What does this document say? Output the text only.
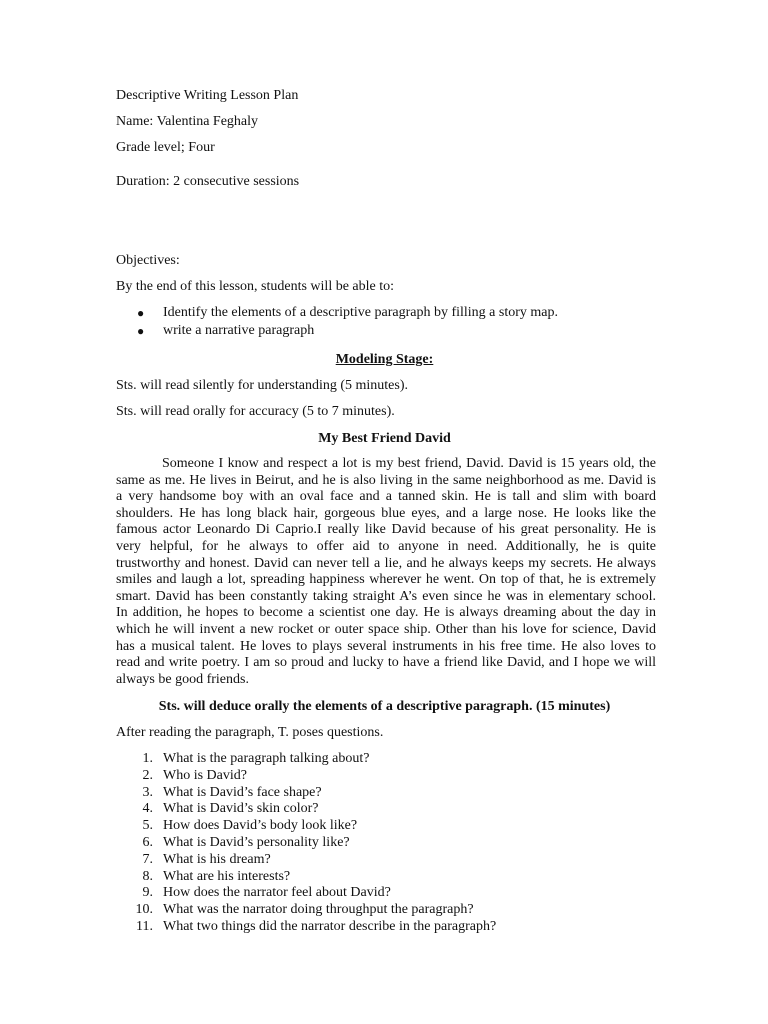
Descriptive Writing Lesson Plan
Name: Valentina Feghaly
Grade level; Four
Duration: 2 consecutive sessions
Objectives:
By the end of this lesson, students will be able to:
● Identify the elements of a descriptive paragraph by filling a story map.
● write a narrative paragraph
Modeling Stage:
Sts. will read silently for understanding (5 minutes).
Sts. will read orally for accuracy (5 to 7 minutes).
My Best Friend David
Someone I know and respect a lot is my best friend, David. David is 15 years old, the
same as me. He lives in Beirut, and he is also living in the same neighborhood as me. David is
a very handsome boy with an oval face and a tanned skin. He is tall and slim with board
shoulders. He has long black hair, gorgeous blue eyes, and a large nose. He looks like the
famous actor Leonardo Di Caprio.I really like David because of his great personality. He is
very helpful, for he always to offer aid to anyone in need. Additionally, he is quite
trustworthy and honest. David can never tell a lie, and he always keeps my secrets. He always
smiles and laugh a lot, spreading happiness wherever he went. On top of that, he is extremely
smart. David has been constantly taking straight A’s even since he was in elementary school.
In addition, he hopes to become a scientist one day. He is always dreaming about the day in
which he will invent a new rocket or outer space ship. Other than his love for science, David
has a musical talent. He loves to plays several instruments in his free time. He also loves to
read and write poetry. I am so proud and lucky to have a friend like David, and I hope we will
always be good friends.
Sts. will deduce orally the elements of a descriptive paragraph. (15 minutes)
After reading the paragraph, T. poses questions.
1. What is the paragraph talking about?
2. Who is David?
3. What is David’s face shape?
4. What is David’s skin color?
5. How does David’s body look like?
6. What is David’s personality like?
7. What is his dream?
8. What are his interests?
9. How does the narrator feel about David?
10. What was the narrator doing throughput the paragraph?
11. What two things did the narrator describe in the paragraph?
